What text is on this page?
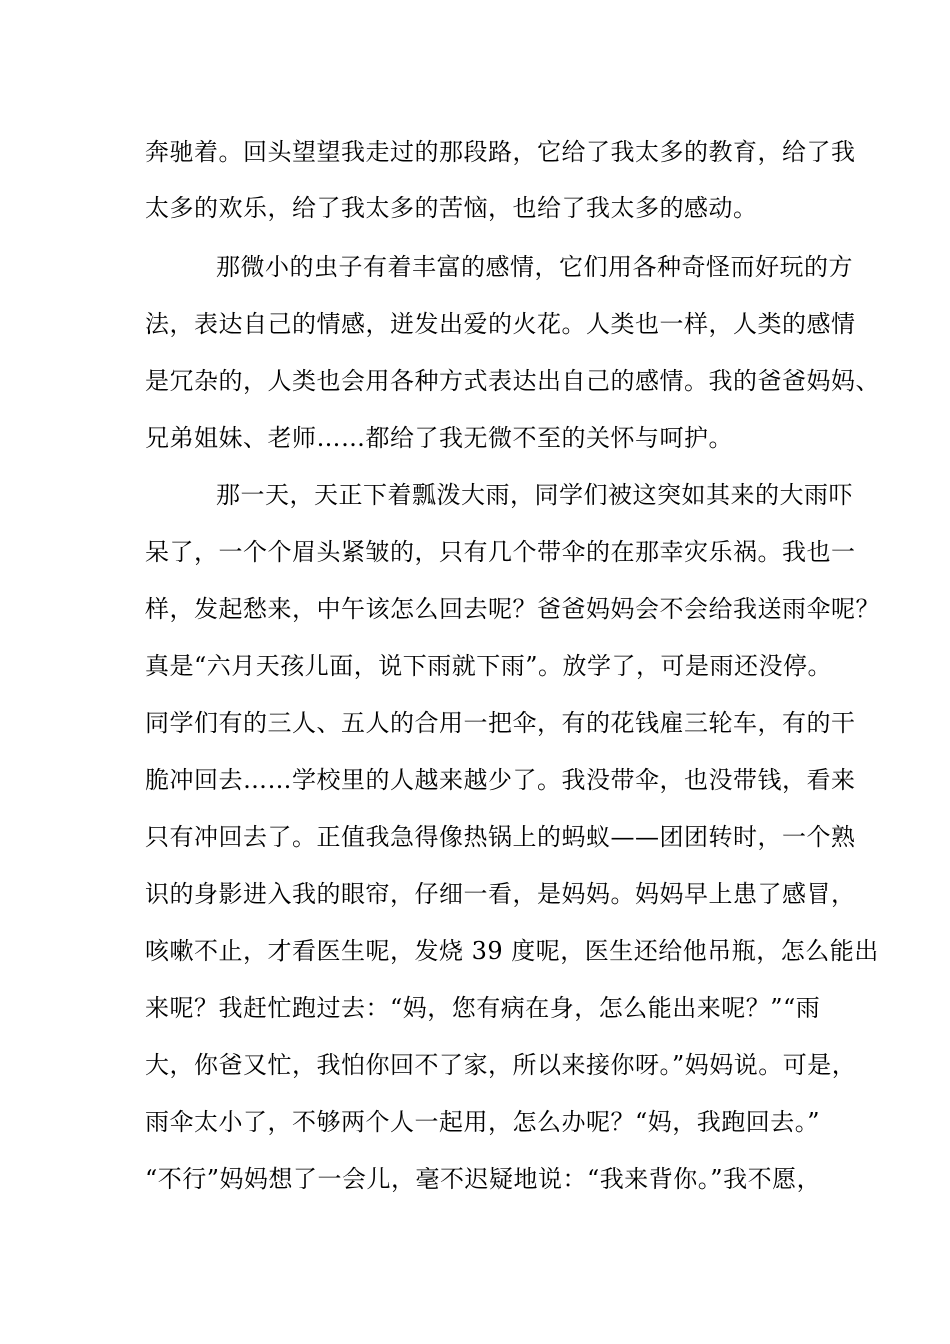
奔驰着。回头望望我走过的那段路，它给了我太多的教育，给了我
太多的欢乐，给了我太多的苦恼，也给了我太多的感动。
那微小的虫子有着丰富的感情，它们用各种奇怪而好玩的方
法，表达自己的情感，迸发出爱的火花。人类也一样，人类的感情
是冗杂的，人类也会用各种方式表达出自己的感情。我的爸爸妈妈、
兄弟姐妹、老师……都给了我无微不至的关怀与呵护。
那一天，天正下着瓢泼大雨，同学们被这突如其来的大雨吓
呆了，一个个眉头紧皱的，只有几个带伞的在那幸灾乐祸。我也一
样，发起愁来，中午该怎么回去呢？爸爸妈妈会不会给我送雨伞呢？
真是“六月天孩儿面，说下雨就下雨”。放学了，可是雨还没停。
同学们有的三人、五人的合用一把伞，有的花钱雇三轮车，有的干
脆冲回去……学校里的人越来越少了。我没带伞，也没带钱，看来
只有冲回去了。正值我急得像热锅上的蚂蚁——团团转时，一个熟
识的身影进入我的眼帘，仔细一看，是妈妈。妈妈早上患了感冒，
咳嗽不止，才看医生呢，发烧 39 度呢，医生还给他吊瓶，怎么能出
来呢？我赶忙跑过去：“妈，您有病在身，怎么能出来呢？”“雨
大，你爸又忙，我怕你回不了家，所以来接你呀。”妈妈说。可是，
雨伞太小了，不够两个人一起用，怎么办呢？“妈，我跑回去。”
“不行”妈妈想了一会儿，毫不迟疑地说：“我来背你。”我不愿，
